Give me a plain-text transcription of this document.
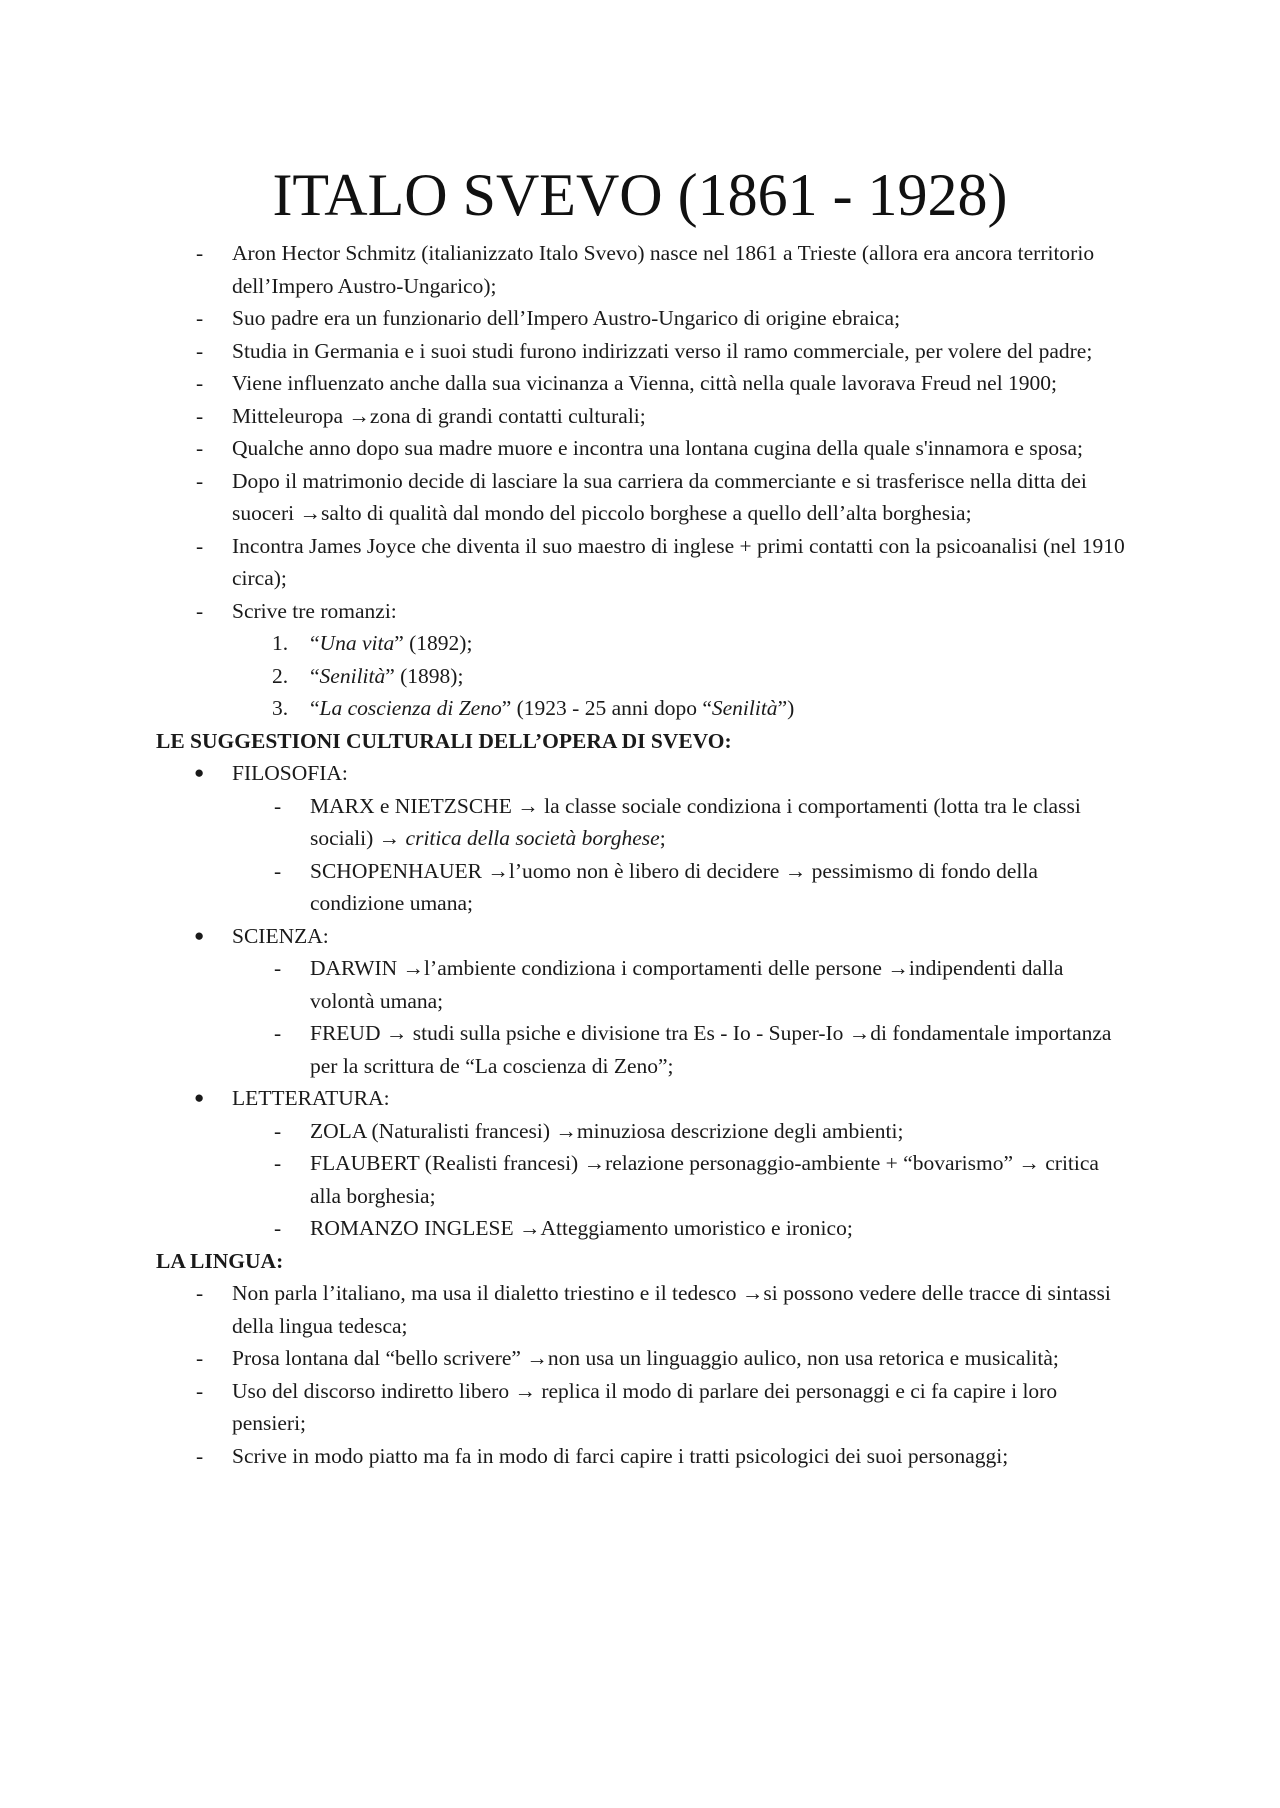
ITALO SVEVO (1861 - 1928)
- Aron Hector Schmitz (italianizzato Italo Svevo) nasce nel 1861 a Trieste (allora era ancora territorio dell’Impero Austro-Ungarico);
- Suo padre era un funzionario dell’Impero Austro-Ungarico di origine ebraica;
- Studia in Germania e i suoi studi furono indirizzati verso il ramo commerciale, per volere del padre;
- Viene influenzato anche dalla sua vicinanza a Vienna, città nella quale lavorava Freud nel 1900;
- Mitteleuropa →zona di grandi contatti culturali;
- Qualche anno dopo sua madre muore e incontra una lontana cugina della quale s'innamora e sposa;
- Dopo il matrimonio decide di lasciare la sua carriera da commerciante e si trasferisce nella ditta dei suoceri →salto di qualità dal mondo del piccolo borghese a quello dell’alta borghesia;
- Incontra James Joyce che diventa il suo maestro di inglese + primi contatti con la psicoanalisi (nel 1910 circa);
- Scrive tre romanzi:
1. “Una vita” (1892);
2. “Senilità” (1898);
3. “La coscienza di Zeno” (1923 - 25 anni dopo “Senilità”)
LE SUGGESTIONI CULTURALI DELL’OPERA DI SVEVO:
● FILOSOFIA:
- MARX e NIETZSCHE → la classe sociale condiziona i comportamenti (lotta tra le classi sociali) → critica della società borghese;
- SCHOPENHAUER →l’uomo non è libero di decidere → pessimismo di fondo della condizione umana;
● SCIENZA:
- DARWIN →l’ambiente condiziona i comportamenti delle persone →indipendenti dalla volontà umana;
- FREUD → studi sulla psiche e divisione tra Es - Io - Super-Io →di fondamentale importanza per la scrittura de “La coscienza di Zeno”;
● LETTERATURA:
- ZOLA (Naturalisti francesi) →minuziosa descrizione degli ambienti;
- FLAUBERT (Realisti francesi) →relazione personaggio-ambiente + “bovarismo” → critica alla borghesia;
- ROMANZO INGLESE →Atteggiamento umoristico e ironico;
LA LINGUA:
- Non parla l’italiano, ma usa il dialetto triestino e il tedesco →si possono vedere delle tracce di sintassi della lingua tedesca;
- Prosa lontana dal “bello scrivere” →non usa un linguaggio aulico, non usa retorica e musicalità;
- Uso del discorso indiretto libero → replica il modo di parlare dei personaggi e ci fa capire i loro pensieri;
- Scrive in modo piatto ma fa in modo di farci capire i tratti psicologici dei suoi personaggi;
